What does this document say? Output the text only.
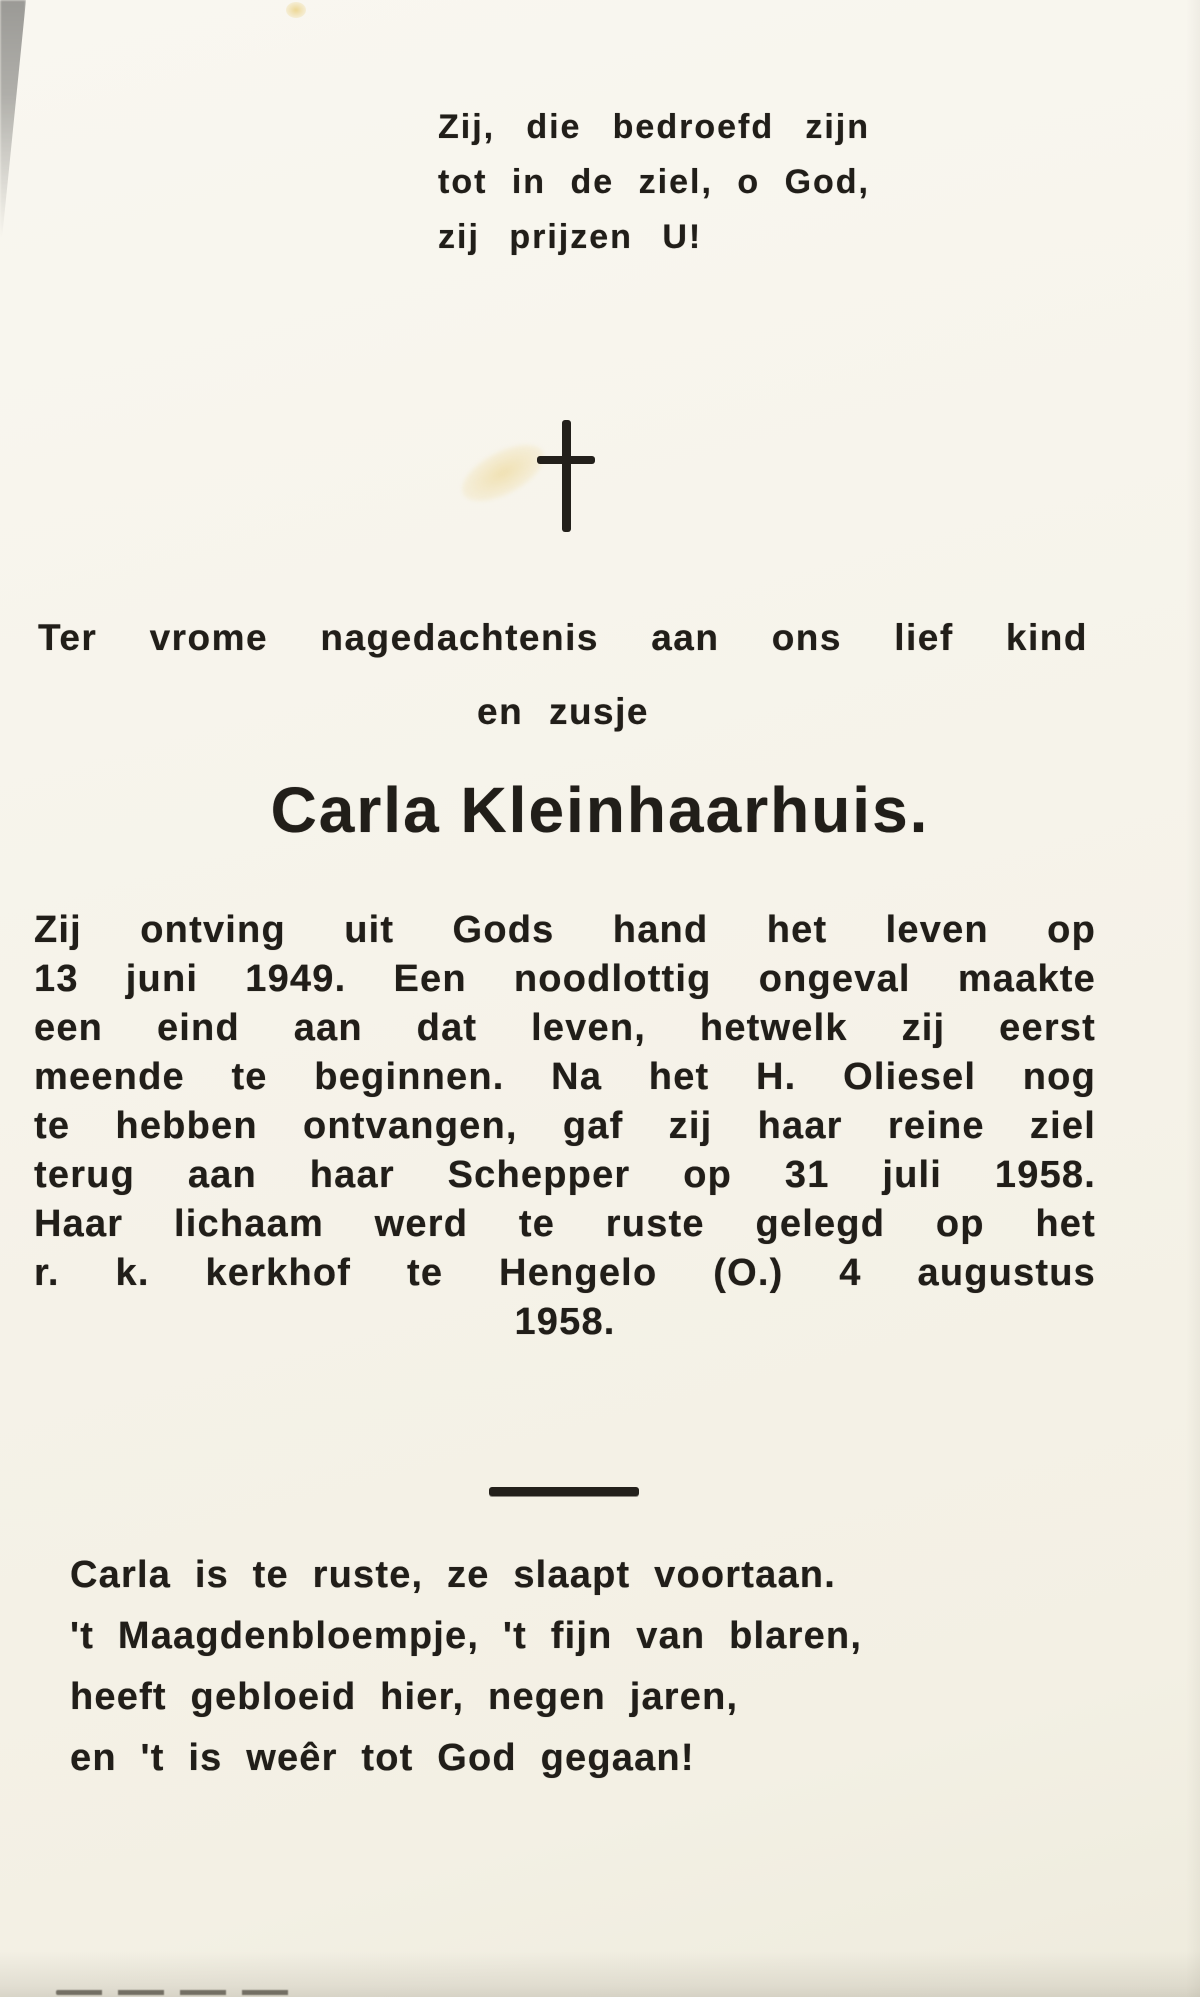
Zij, die bedroefd zijn
tot in de ziel, o God,
zij prijzen U!
Ter vrome nagedachtenis aan ons lief kind
en zusje
Carla Kleinhaarhuis.
Zij ontving uit Gods hand het leven op
13 juni 1949. Een noodlottig ongeval maakte
een eind aan dat leven, hetwelk zij eerst
meende te beginnen. Na het H. Oliesel nog
te hebben ontvangen, gaf zij haar reine ziel
terug aan haar Schepper op 31 juli 1958.
Haar lichaam werd te ruste gelegd op het
r. k. kerkhof te Hengelo (O.) 4 augustus
1958.
Carla is te ruste, ze slaapt voortaan.
't Maagdenbloempje, 't fijn van blaren,
heeft gebloeid hier, negen jaren,
en 't is weêr tot God gegaan!
